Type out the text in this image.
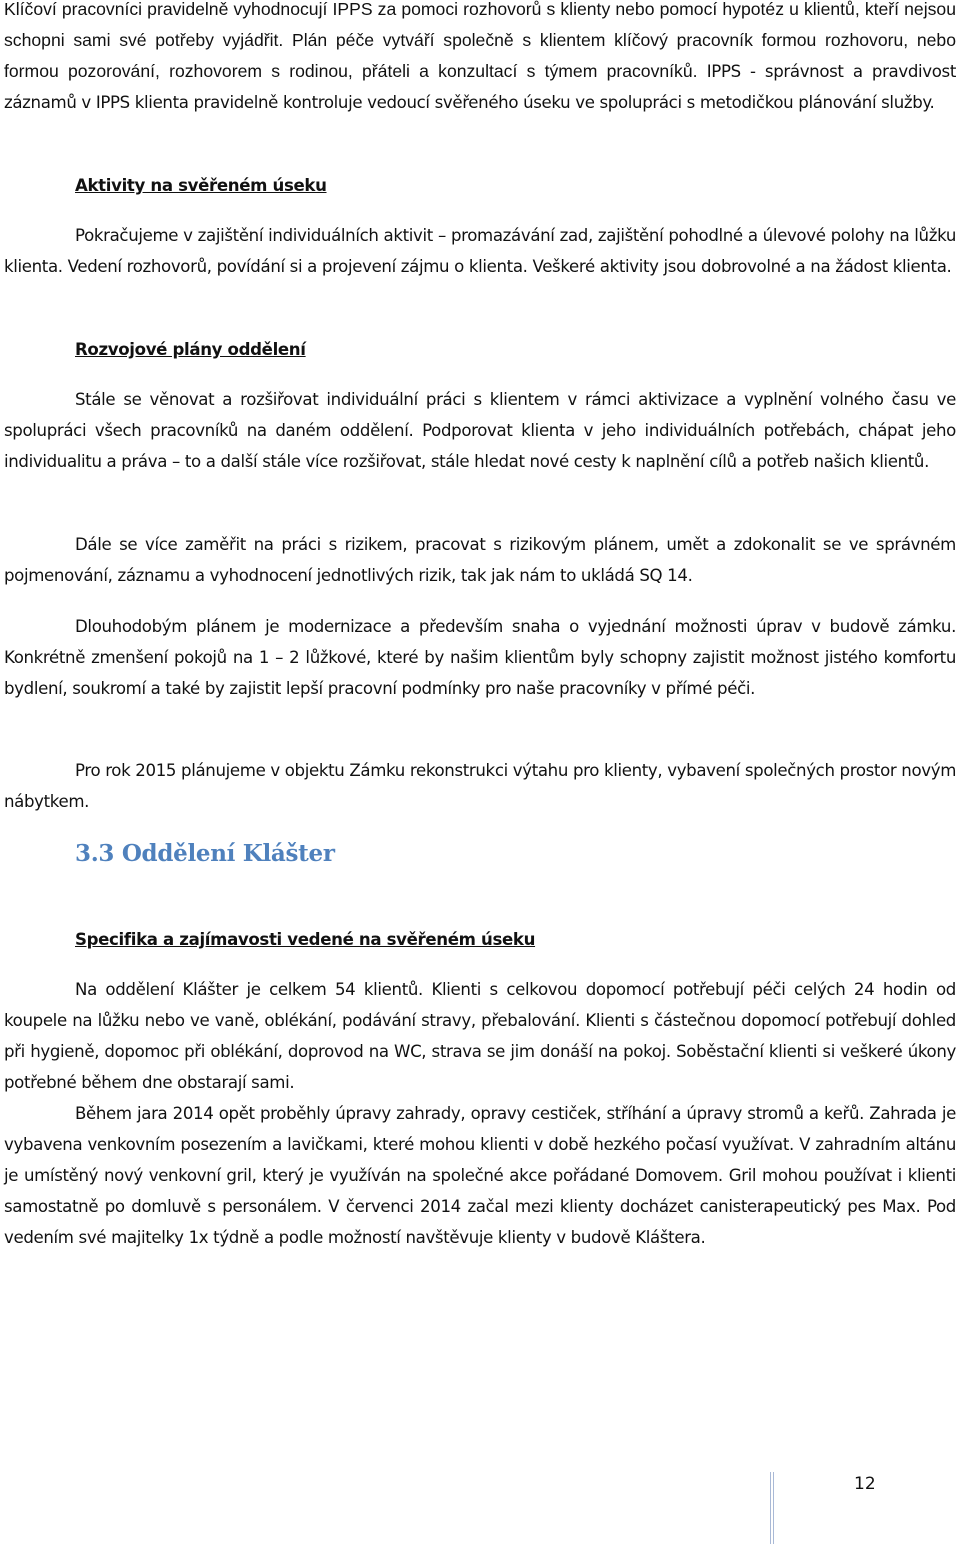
Klíčoví pracovníci pravidelně vyhodnocují IPPS za pomoci rozhovorů s klienty nebo pomocí hypotéz u klientů, kteří nejsou schopni sami své potřeby vyjádřit. Plán péče vytváří společně s klientem klíčový pracovník formou rozhovoru, nebo formou pozorování, rozhovorem s rodinou, přáteli a konzultací s týmem pracovníků. IPPS - správnost a pravdivost záznamů v IPPS klienta pravidelně kontroluje vedoucí svěřeného úseku ve spolupráci s metodičkou plánování služby.

Aktivity na svěřeném úseku

Pokračujeme v zajištění individuálních aktivit – promazávání zad, zajištění pohodlné a úlevové polohy na lůžku klienta. Vedení rozhovorů, povídání si a projevení zájmu o klienta. Veškeré aktivity jsou dobrovolné a na žádost klienta.

Rozvojové plány oddělení

Stále se věnovat a rozšiřovat individuální práci s klientem v rámci aktivizace a vyplnění volného času ve spolupráci všech pracovníků na daném oddělení. Podporovat klienta v jeho individuálních potřebách, chápat jeho individualitu a práva – to a další stále více rozšiřovat, stále hledat nové cesty k naplnění cílů a potřeb našich klientů.

Dále se více zaměřit na práci s rizikem, pracovat s rizikovým plánem, umět a zdokonalit se ve správném pojmenování, záznamu a vyhodnocení jednotlivých rizik, tak jak nám to ukládá SQ 14.

Dlouhodobým plánem je modernizace a především snaha o vyjednání možnosti úprav v budově zámku. Konkrétně zmenšení pokojů na 1 – 2 lůžkové, které by našim klientům byly schopny zajistit možnost jistého komfortu bydlení, soukromí a také by zajistit lepší pracovní podmínky pro naše pracovníky v přímé péči.

Pro rok 2015 plánujeme v objektu Zámku rekonstrukci výtahu pro klienty, vybavení společných prostor novým nábytkem.

3.3 Oddělení Klášter

Specifika a zajímavosti vedené na svěřeném úseku

Na oddělení Klášter je celkem 54 klientů. Klienti s celkovou dopomocí potřebují péči celých 24 hodin od koupele na lůžku nebo ve vaně, oblékání, podávání stravy, přebalování. Klienti s částečnou dopomocí potřebují dohled při hygieně, dopomoc při oblékání, doprovod na WC, strava se jim donáší na pokoj. Soběstační klienti si veškeré úkony potřebné během dne obstarají sami.

Během jara 2014 opět proběhly úpravy zahrady, opravy cestiček, stříhání a úpravy stromů a keřů. Zahrada je vybavena venkovním posezením a lavičkami, které mohou klienti v době hezkého počasí využívat. V zahradním altánu je umístěný nový venkovní gril, který je využíván na společné akce pořádané Domovem. Gril mohou používat i klienti samostatně po domluvě s personálem. V červenci 2014 začal mezi klienty docházet canisterapeutický pes Max. Pod vedením své majitelky 1x týdně a podle možností navštěvuje klienty v budově Kláštera.

12
